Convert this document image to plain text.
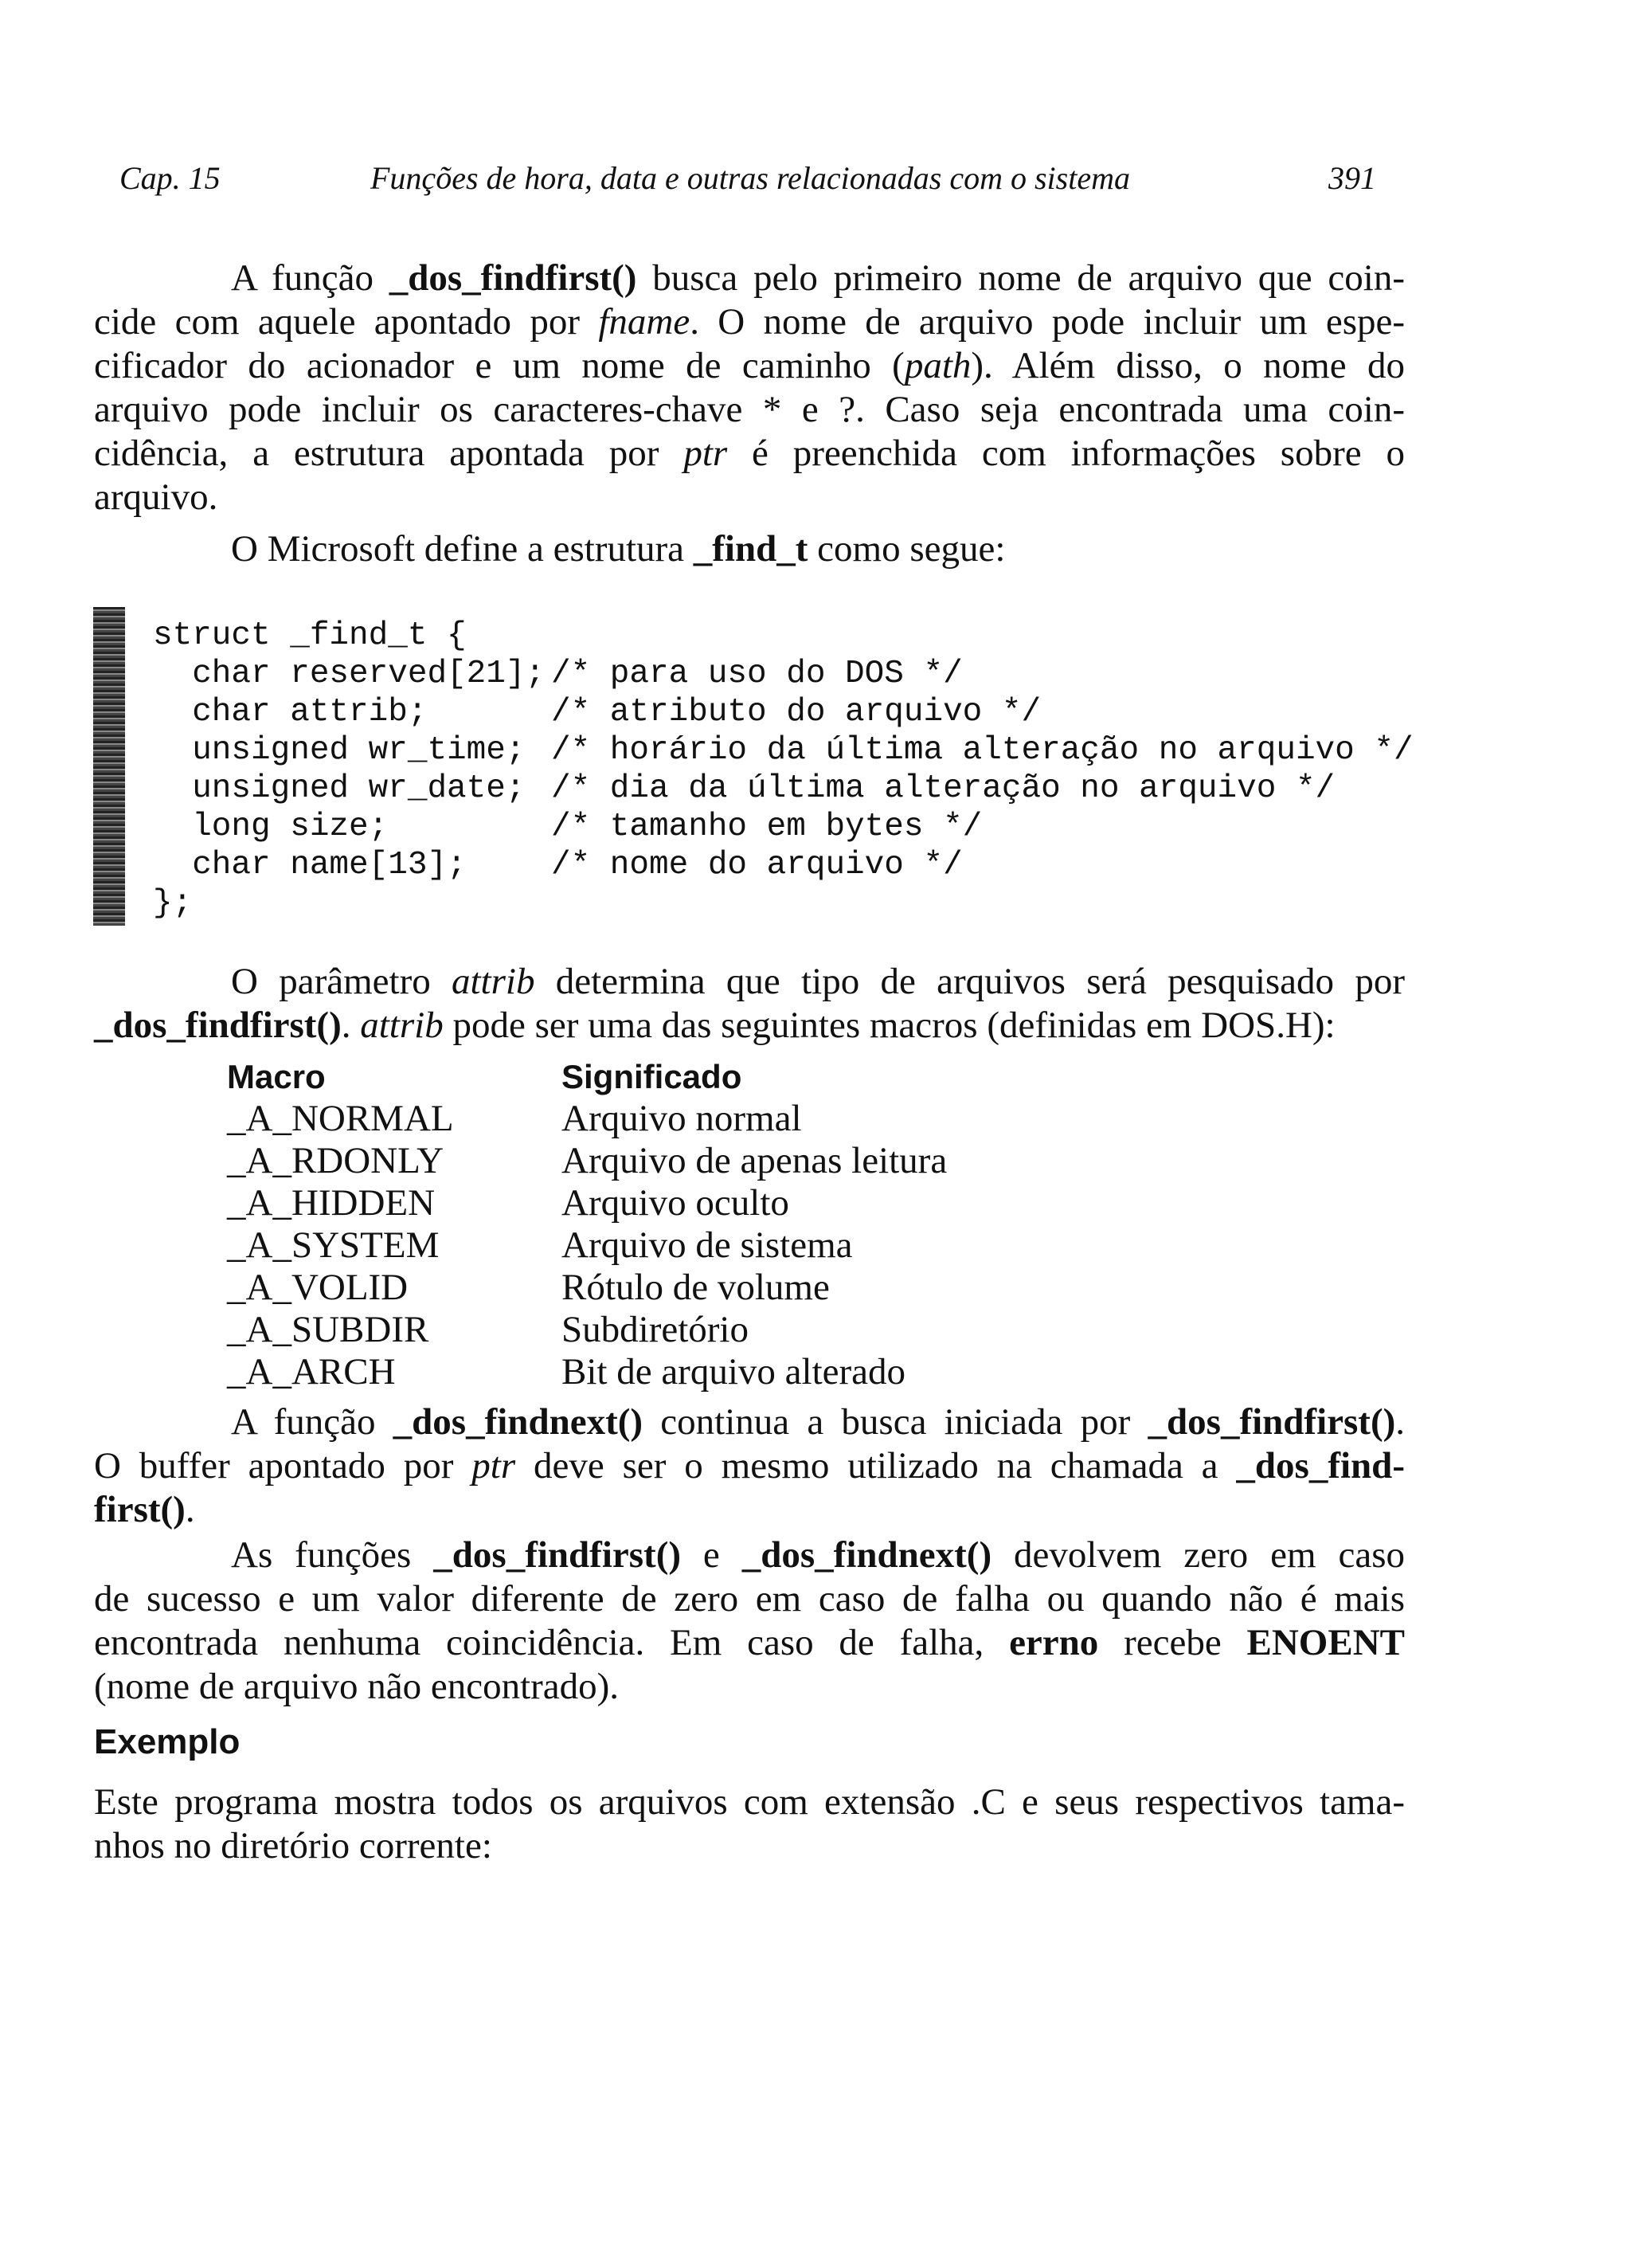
Cap. 15	Funções de hora, data e outras relacionadas com o sistema	391

A função _dos_findfirst() busca pelo primeiro nome de arquivo que coin-
cide com aquele apontado por fname. O nome de arquivo pode incluir um espe-
cificador do acionador e um nome de caminho (path). Além disso, o nome do
arquivo pode incluir os caracteres-chave * e ?. Caso seja encontrada uma coin-
cidência, a estrutura apontada por ptr é preenchida com informações sobre o
arquivo.

O Microsoft define a estrutura _find_t como segue:

struct _find_t {
char reserved[21]; /* para uso do DOS */
char attrib;	/* atributo do arquivo */
unsigned wr_time; /* horário da última alteração no arquivo */
unsigned wr_date; /* dia da última alteração no arquivo */
long size;	/* tamanho em bytes */
char name[13];	/* nome do arquivo */
};

O parâmetro attrib determina que tipo de arquivos será pesquisado por
_dos_findfirst(). attrib pode ser uma das seguintes macros (definidas em DOS.H):

Macro	Significado
_A_NORMAL	Arquivo normal
_A_RDONLY	Arquivo de apenas leitura
_A_HIDDEN	Arquivo oculto
_A_SYSTEM	Arquivo de sistema
_A_VOLID	Rótulo de volume
_A_SUBDIR	Subdiretório
_A_ARCH	Bit de arquivo alterado

A função _dos_findnext() continua a busca iniciada por _dos_findfirst().
O buffer apontado por ptr deve ser o mesmo utilizado na chamada a _dos_find-
first().

As funções _dos_findfirst() e _dos_findnext() devolvem zero em caso
de sucesso e um valor diferente de zero em caso de falha ou quando não é mais
encontrada nenhuma coincidência. Em caso de falha, errno recebe ENOENT
(nome de arquivo não encontrado).

Exemplo

Este programa mostra todos os arquivos com extensão .C e seus respectivos tama-
nhos no diretório corrente:
